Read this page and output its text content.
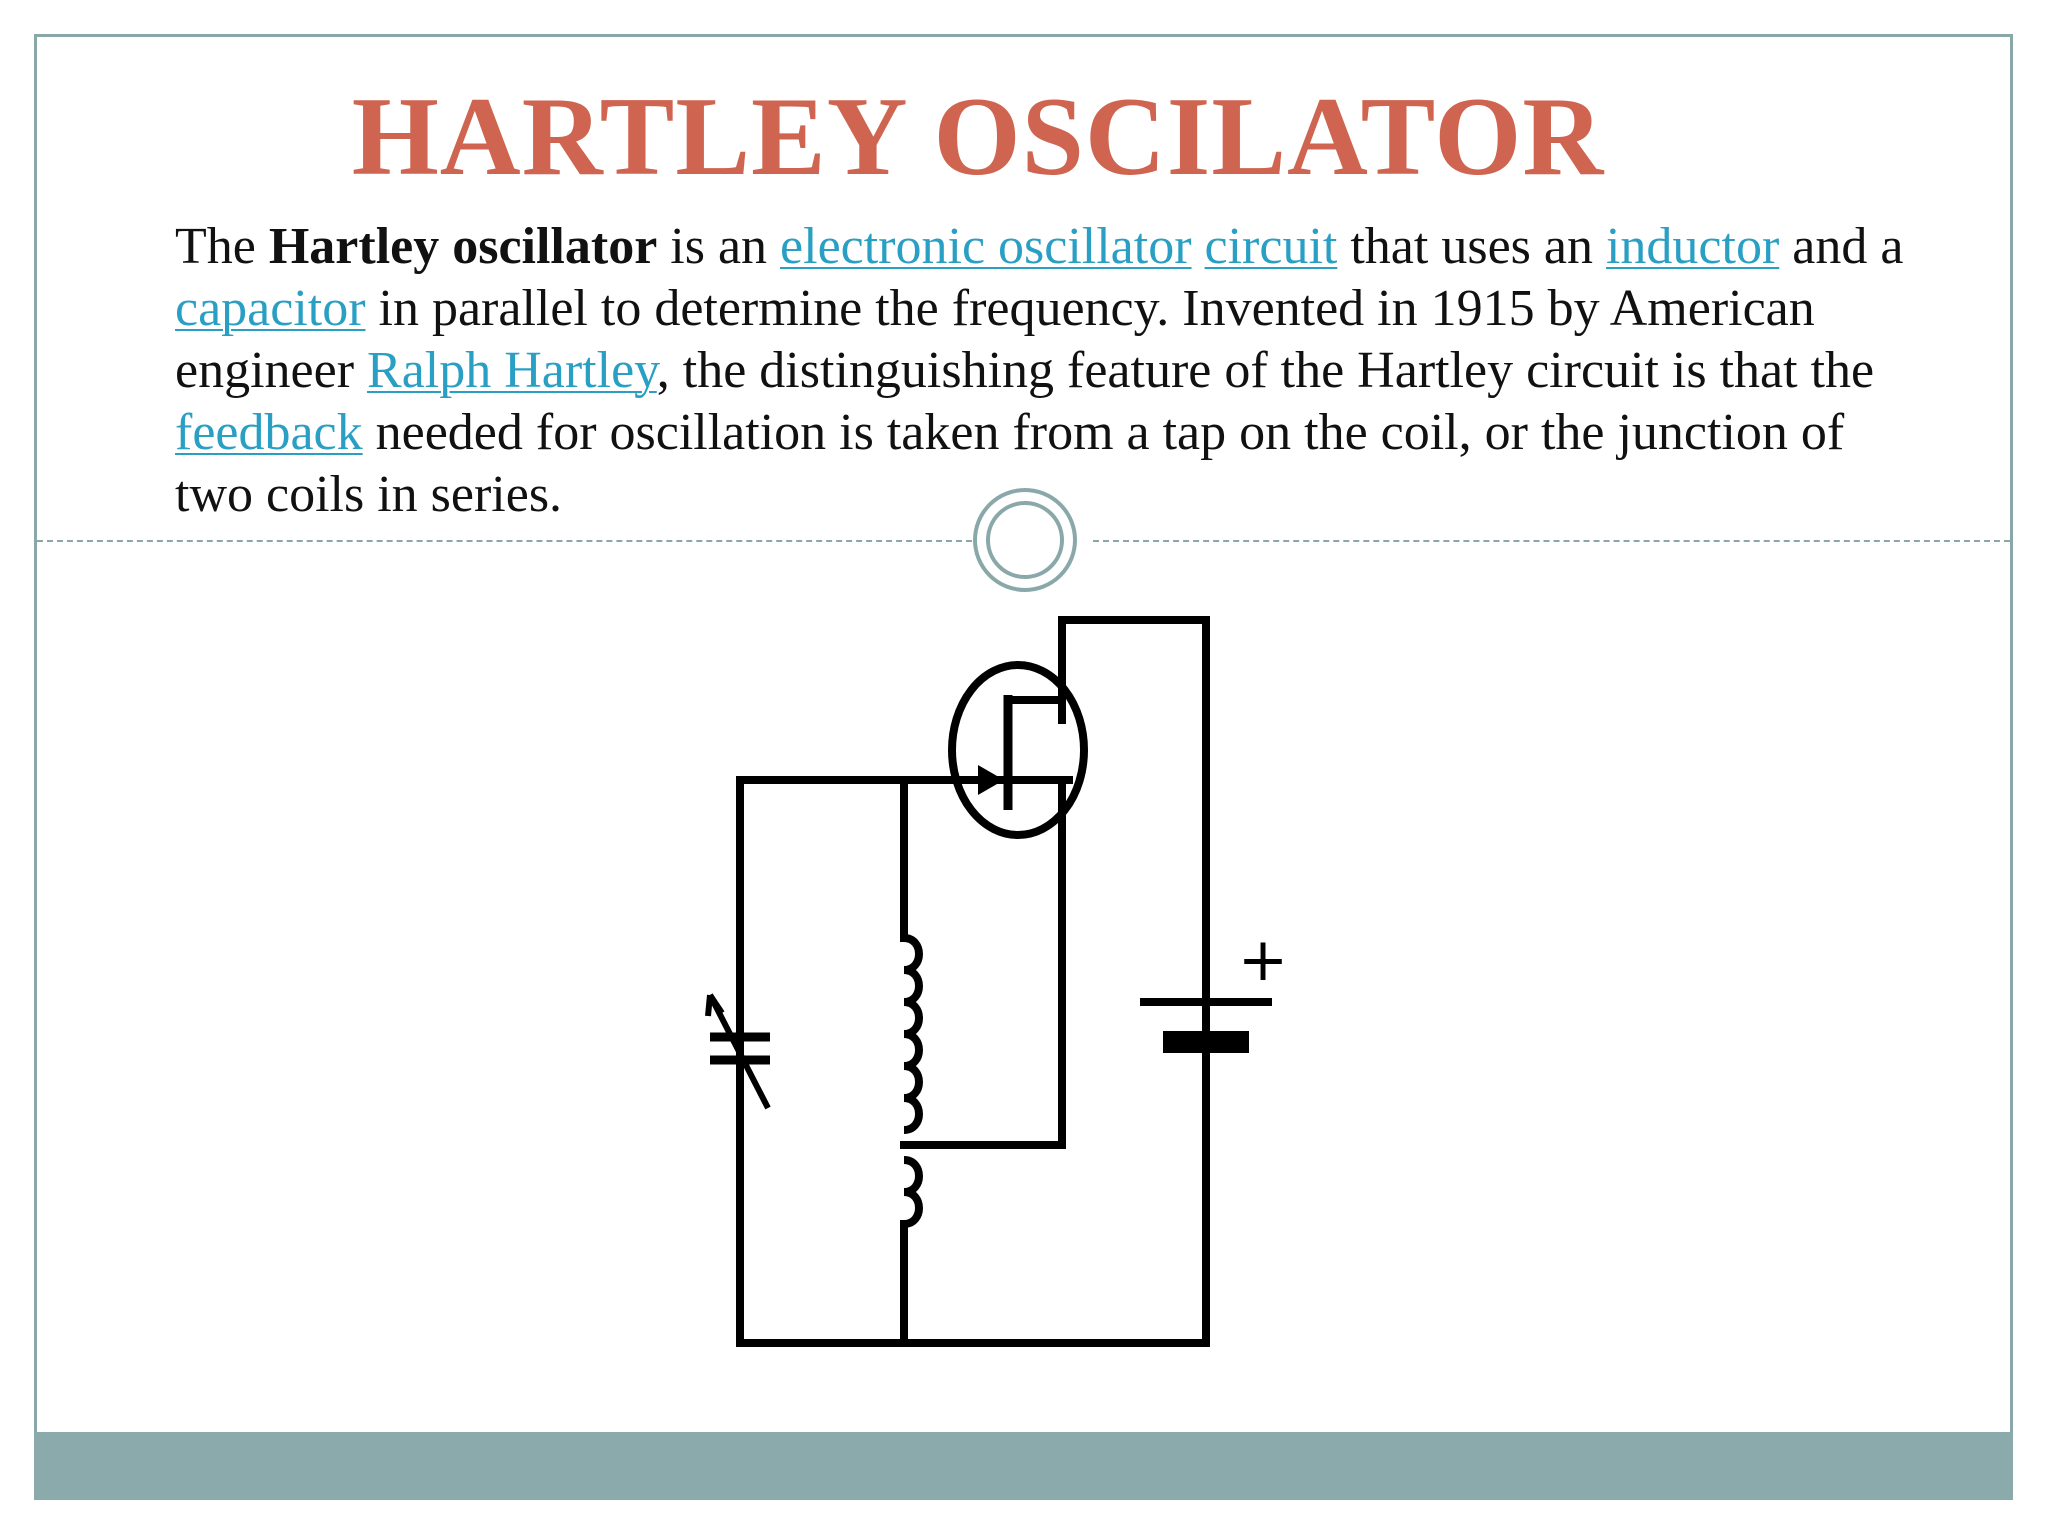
HARTLEY OSCILATOR

The Hartley oscillator is an electronic oscillator circuit that uses an inductor and a capacitor in parallel to determine the frequency. Invented in 1915 by American engineer Ralph Hartley, the distinguishing feature of the Hartley circuit is that the feedback needed for oscillation is taken from a tap on the coil, or the junction of two coils in series.

+
